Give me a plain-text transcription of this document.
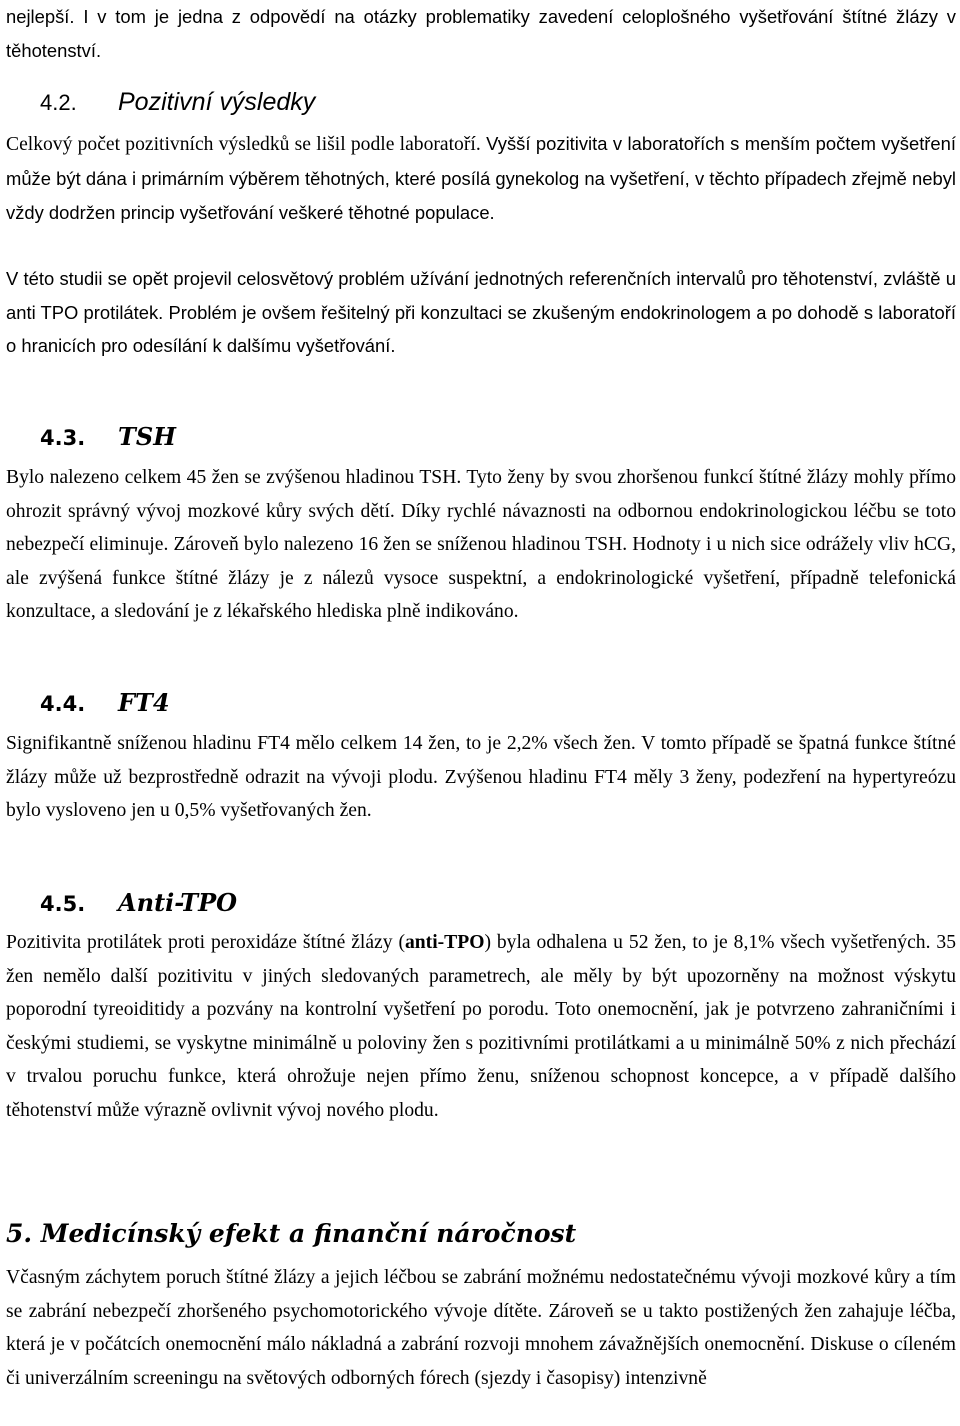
nejlepší. I v tom je jedna z odpovědí na otázky problematiky zavedení celoplošného vyšetřování štítné žlázy v těhotenství.

4.2.	Pozitivní výsledky

Celkový počet pozitivních výsledků se lišil podle laboratoří. Vyšší pozitivita v laboratořích s menším počtem vyšetření může být dána i primárním výběrem těhotných, které posílá gynekolog na vyšetření, v těchto případech zřejmě nebyl vždy dodržen princip vyšetřování veškeré těhotné populace.

V této studii se opět projevil celosvětový problém užívání jednotných referenčních intervalů pro těhotenství, zvláště u anti TPO protilátek. Problém je ovšem řešitelný při konzultaci se zkušeným endokrinologem a po dohodě s laboratoří o hranicích pro odesílání k dalšímu vyšetřování.

4.3.	TSH

Bylo nalezeno celkem 45 žen se zvýšenou hladinou TSH. Tyto ženy by svou zhoršenou funkcí štítné žlázy mohly přímo ohrozit správný vývoj mozkové kůry svých dětí. Díky rychlé návaznosti na odbornou endokrinologickou léčbu se toto nebezpečí eliminuje. Zároveň bylo nalezeno 16 žen se sníženou hladinou TSH. Hodnoty i u nich sice odrážely vliv hCG, ale zvýšená funkce štítné žlázy je z nálezů vysoce suspektní, a endokrinologické vyšetření, případně telefonická konzultace, a sledování je z lékařského hlediska plně indikováno.

4.4.	FT4

Signifikantně sníženou hladinu FT4 mělo celkem 14 žen, to je 2,2% všech žen. V tomto případě se špatná funkce štítné žlázy může už bezprostředně odrazit na vývoji plodu. Zvýšenou hladinu FT4 měly 3 ženy, podezření na hypertyreózu bylo vysloveno jen u 0,5% vyšetřovaných žen.

4.5.	Anti-TPO

Pozitivita protilátek proti peroxidáze štítné žlázy (anti-TPO) byla odhalena u 52 žen, to je 8,1% všech vyšetřených. 35 žen nemělo další pozitivitu v jiných sledovaných parametrech, ale měly by být upozorněny na možnost výskytu poporodní tyreoiditidy a pozvány na kontrolní vyšetření po porodu. Toto onemocnění, jak je potvrzeno zahraničními i českými studiemi, se vyskytne minimálně u poloviny žen s pozitivními protilátkami a u minimálně 50% z nich přechází v trvalou poruchu funkce, která ohrožuje nejen přímo ženu, sníženou schopnost koncepce, a v případě dalšího těhotenství může výrazně ovlivnit vývoj nového plodu.

5. Medicínský efekt a finanční náročnost

Včasným záchytem poruch štítné žlázy a jejich léčbou se zabrání možnému nedostatečnému vývoji mozkové kůry a tím se zabrání nebezpečí zhoršeného psychomotorického vývoje dítěte. Zároveň se u takto postižených žen zahajuje léčba, která je v počátcích onemocnění málo nákladná a zabrání rozvoji mnohem závažnějších onemocnění. Diskuse o cíleném či univerzálním screeningu na světových odborných fórech (sjezdy i časopisy) intenzivně
